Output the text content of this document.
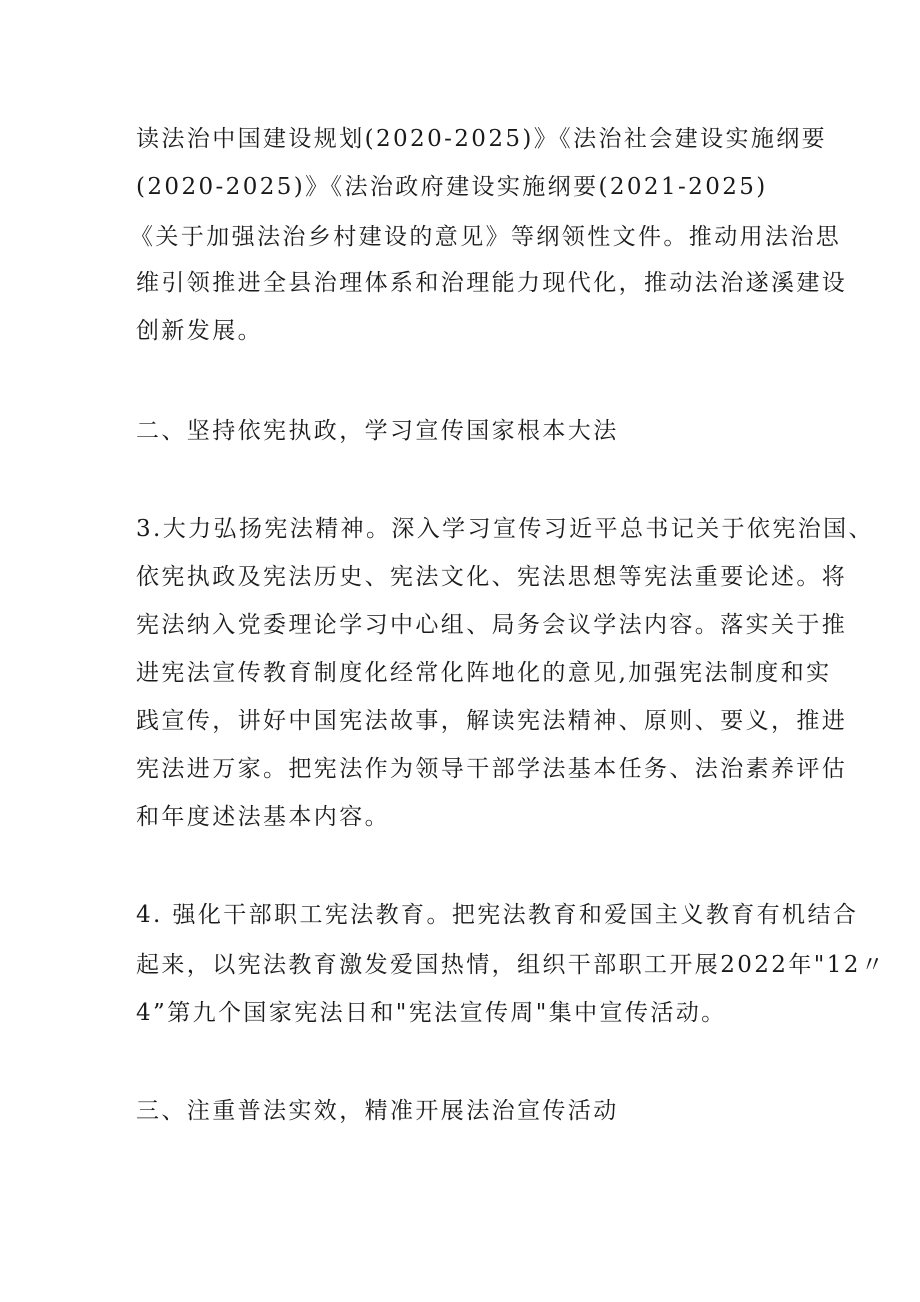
读法治中国建设规划(2020-2025)》《法治社会建设实施纲要

(2020-2025)》《法治政府建设实施纲要(2021-2025)

《关于加强法治乡村建设的意见》等纲领性文件。推动用法治思

维引领推进全县治理体系和治理能力现代化，推动法治遂溪建设

创新发展。

二、坚持依宪执政，学习宣传国家根本大法

3.大力弘扬宪法精神。深入学习宣传习近平总书记关于依宪治国、

依宪执政及宪法历史、宪法文化、宪法思想等宪法重要论述。将

宪法纳入党委理论学习中心组、局务会议学法内容。落实关于推

进宪法宣传教育制度化经常化阵地化的意见,加强宪法制度和实

践宣传，讲好中国宪法故事，解读宪法精神、原则、要义，推进

宪法进万家。把宪法作为领导干部学法基本任务、法治素养评估

和年度述法基本内容。

4. 强化干部职工宪法教育。把宪法教育和爱国主义教育有机结合

起来，以宪法教育激发爱国热情，组织干部职工开展2022年"12〃

4”第九个国家宪法日和"宪法宣传周"集中宣传活动。

三、注重普法实效，精准开展法治宣传活动
